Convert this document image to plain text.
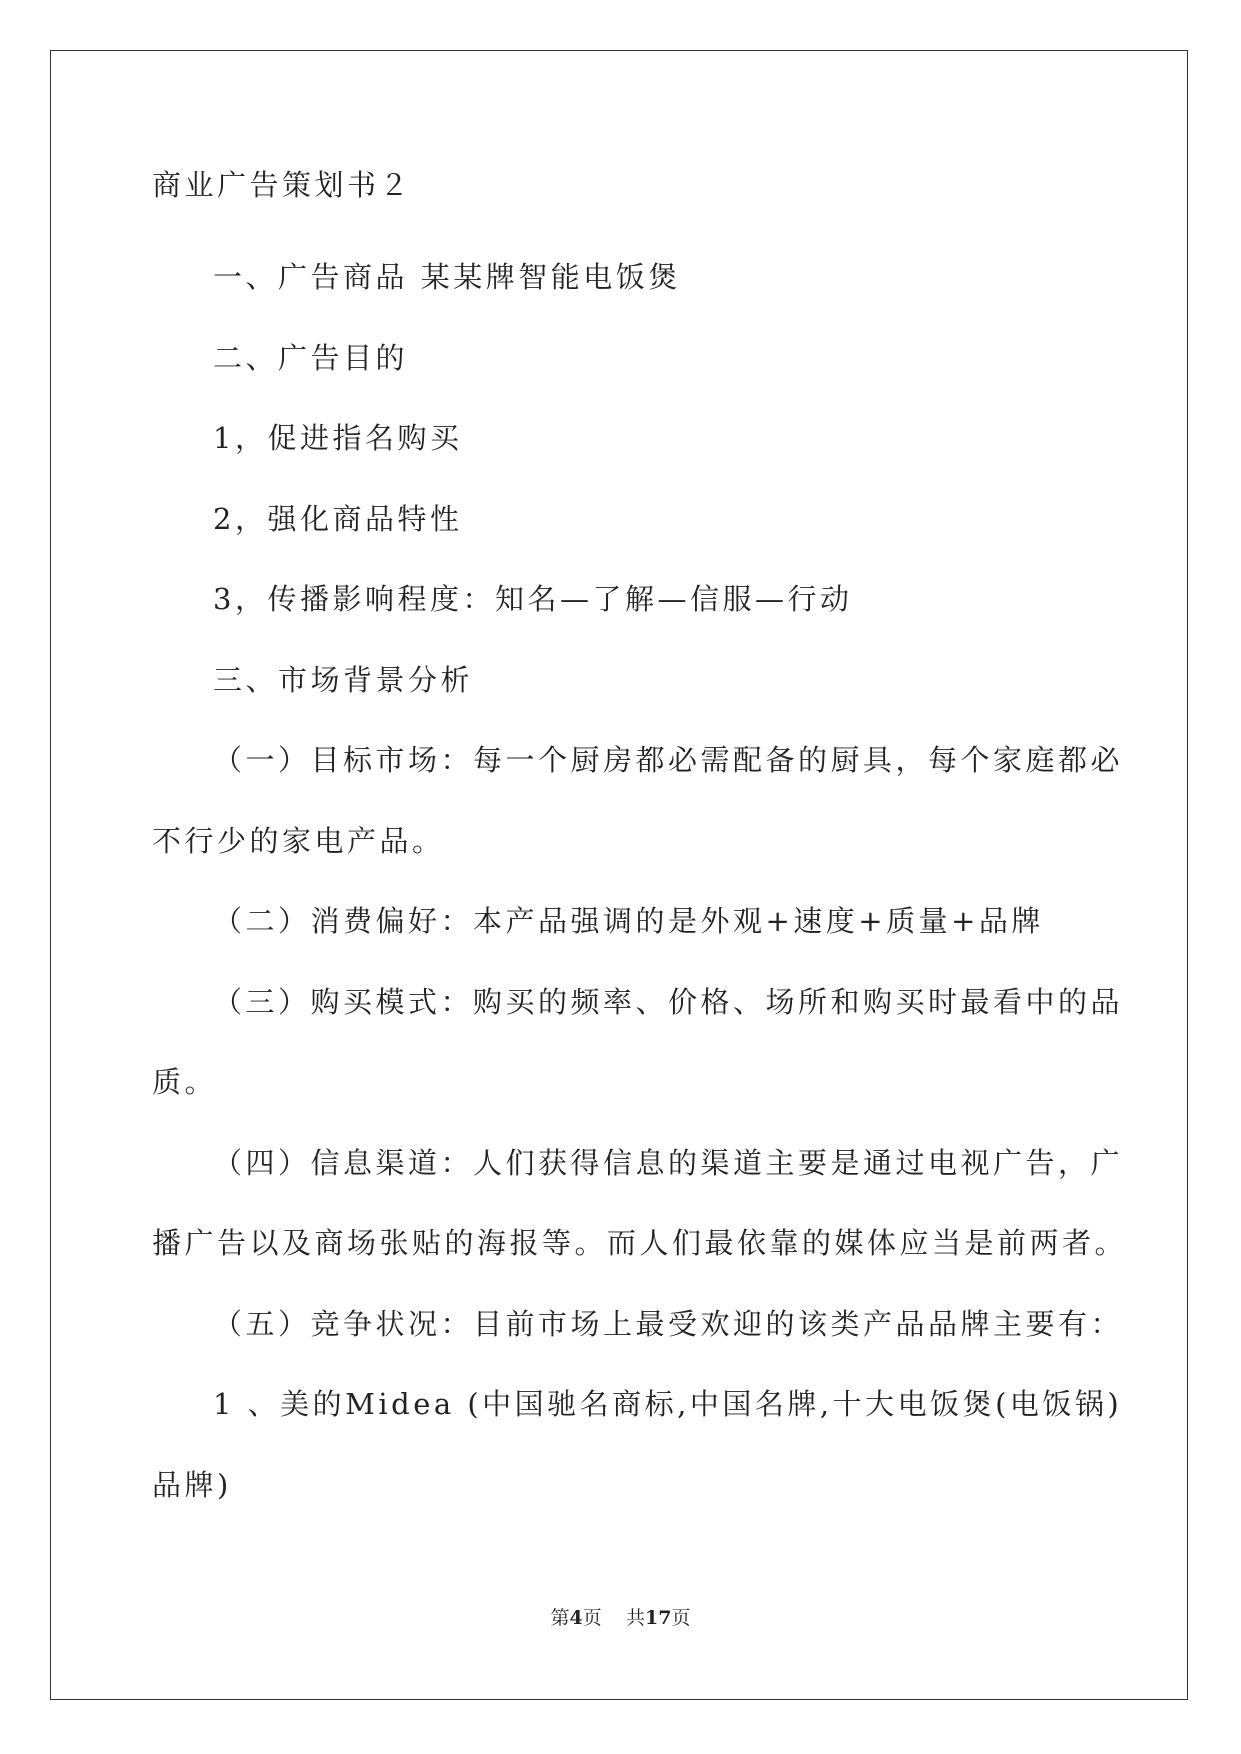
商业广告策划书２

一、广告商品 某某牌智能电饭煲

二、广告目的

1，促进指名购买

2，强化商品特性

3，传播影响程度：知名—了解—信服—行动

三、市场背景分析

（一）目标市场：每一个厨房都必需配备的厨具，每个家庭都必

不行少的家电产品。

（二）消费偏好：本产品强调的是外观+速度+质量+品牌

（三）购买模式：购买的频率、价格、场所和购买时最看中的品

质。

（四）信息渠道：人们获得信息的渠道主要是通过电视广告，广

播广告以及商场张贴的海报等。而人们最依靠的媒体应当是前两者。

（五）竞争状况：目前市场上最受欢迎的该类产品品牌主要有：

1 、美的Midea (中国驰名商标,中国名牌,十大电饭煲(电饭锅)

品牌)

第4页 共17页
